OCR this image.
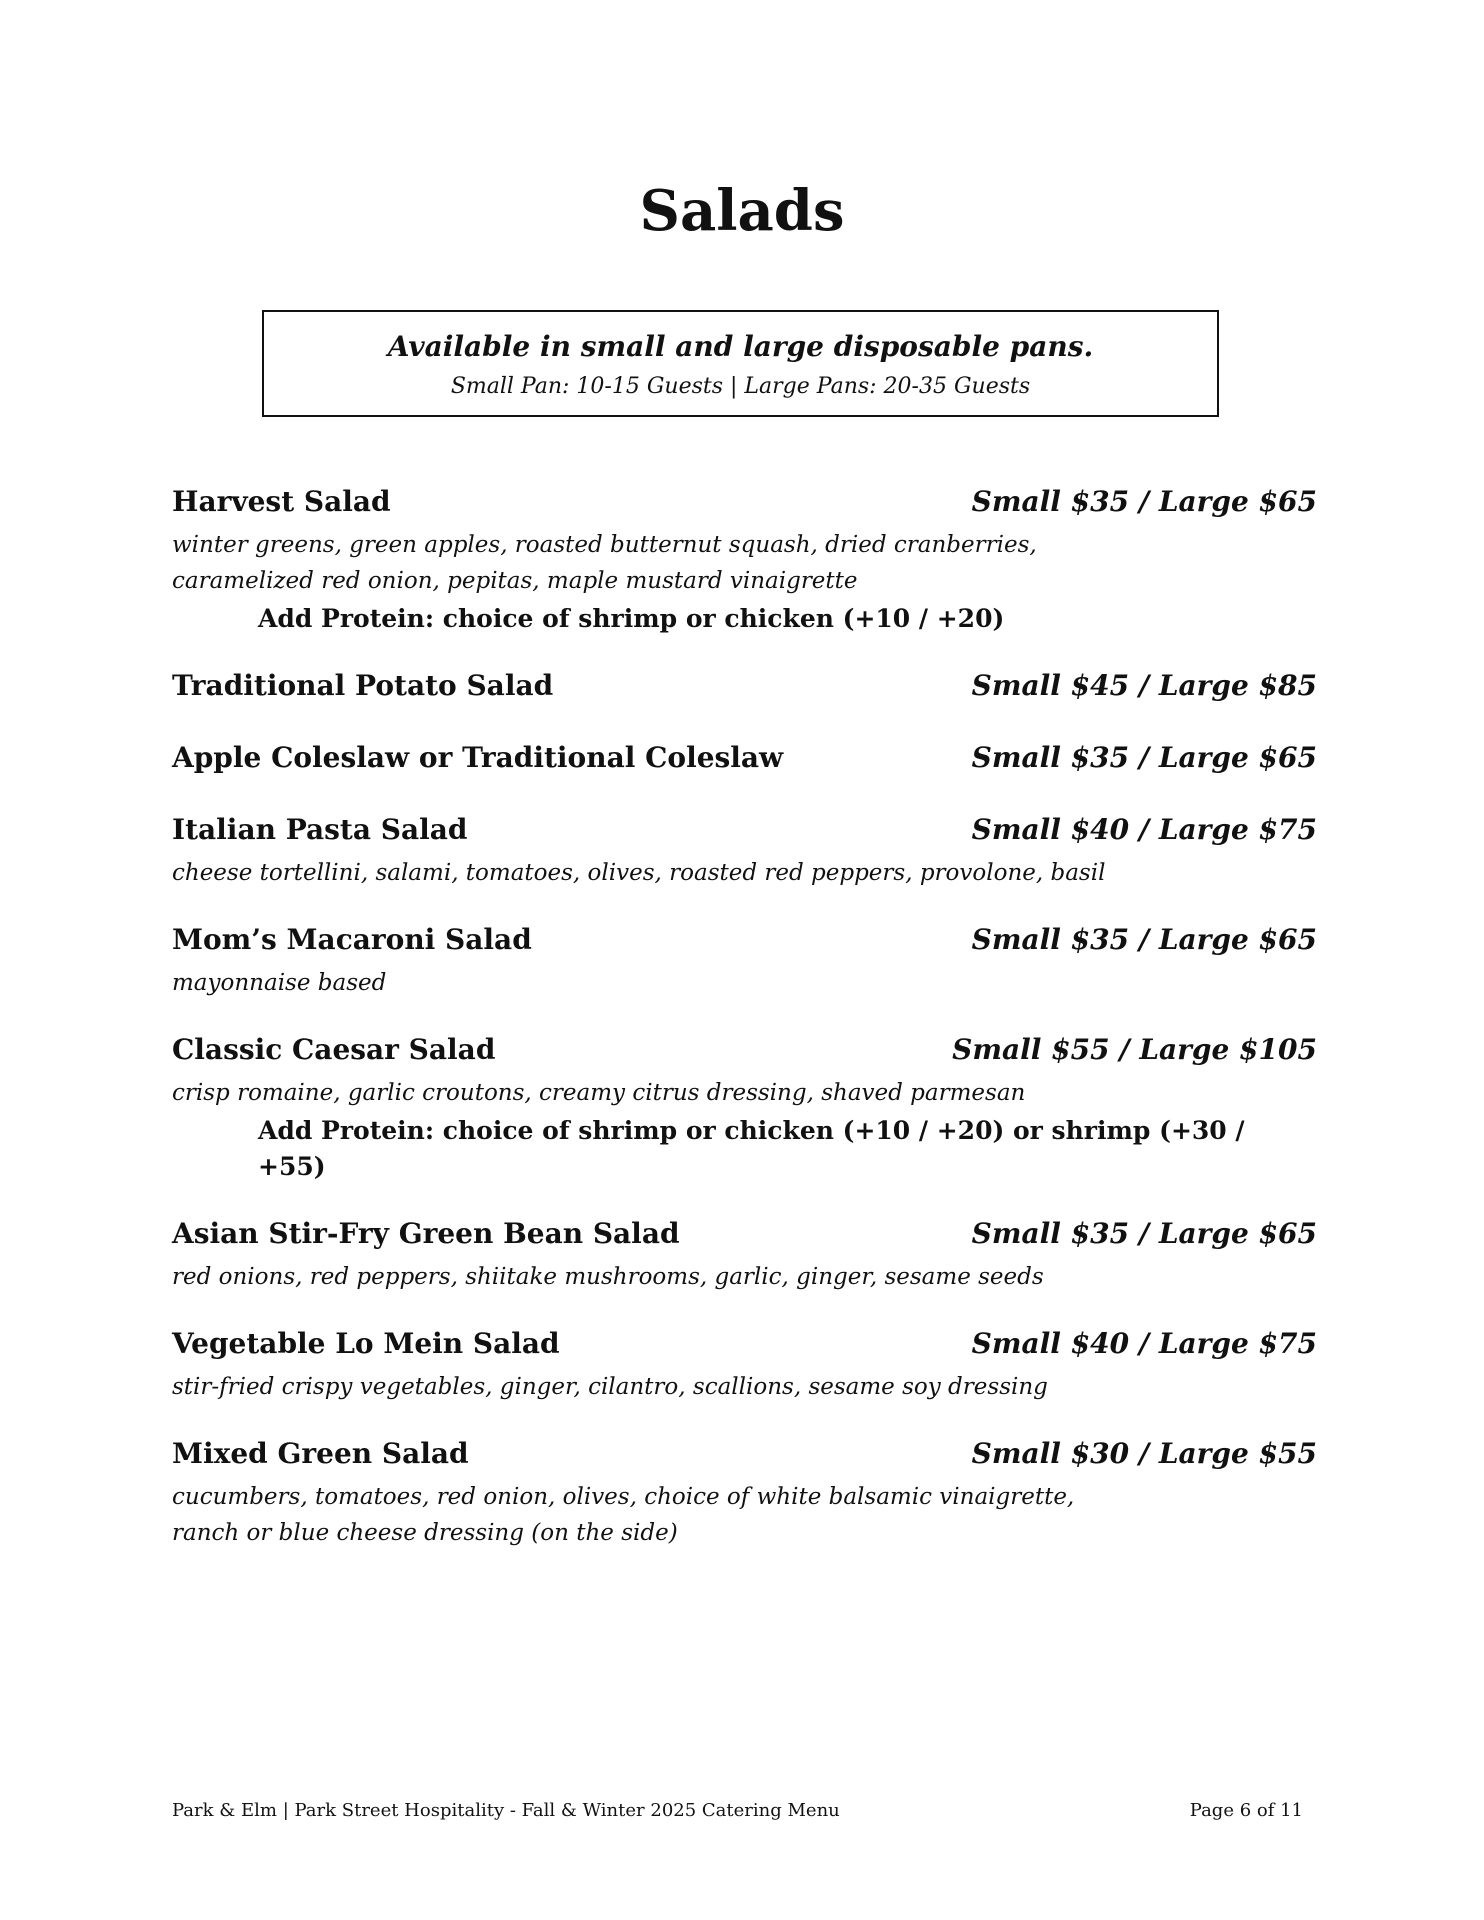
Salads
Available in small and large disposable pans.
Small Pan: 10-15 Guests | Large Pans: 20-35 Guests
Harvest Salad	Small $35 / Large $65
winter greens, green apples, roasted butternut squash, dried cranberries,
caramelized red onion, pepitas, maple mustard vinaigrette
Add Protein: choice of shrimp or chicken (+10 / +20)
Traditional Potato Salad	Small $45 / Large $85
Apple Coleslaw or Traditional Coleslaw	Small $35 / Large $65
Italian Pasta Salad	Small $40 / Large $75
cheese tortellini, salami, tomatoes, olives, roasted red peppers, provolone, basil
Mom’s Macaroni Salad	Small $35 / Large $65
mayonnaise based
Classic Caesar Salad	Small $55 / Large $105
crisp romaine, garlic croutons, creamy citrus dressing, shaved parmesan
Add Protein: choice of shrimp or chicken (+10 / +20) or shrimp (+30 / +55)
Asian Stir-Fry Green Bean Salad	Small $35 / Large $65
red onions, red peppers, shiitake mushrooms, garlic, ginger, sesame seeds
Vegetable Lo Mein Salad	Small $40 / Large $75
stir-fried crispy vegetables, ginger, cilantro, scallions, sesame soy dressing
Mixed Green Salad	Small $30 / Large $55
cucumbers, tomatoes, red onion, olives, choice of white balsamic vinaigrette,
ranch or blue cheese dressing (on the side)
Park & Elm | Park Street Hospitality - Fall & Winter 2025 Catering Menu	Page 6 of 11
